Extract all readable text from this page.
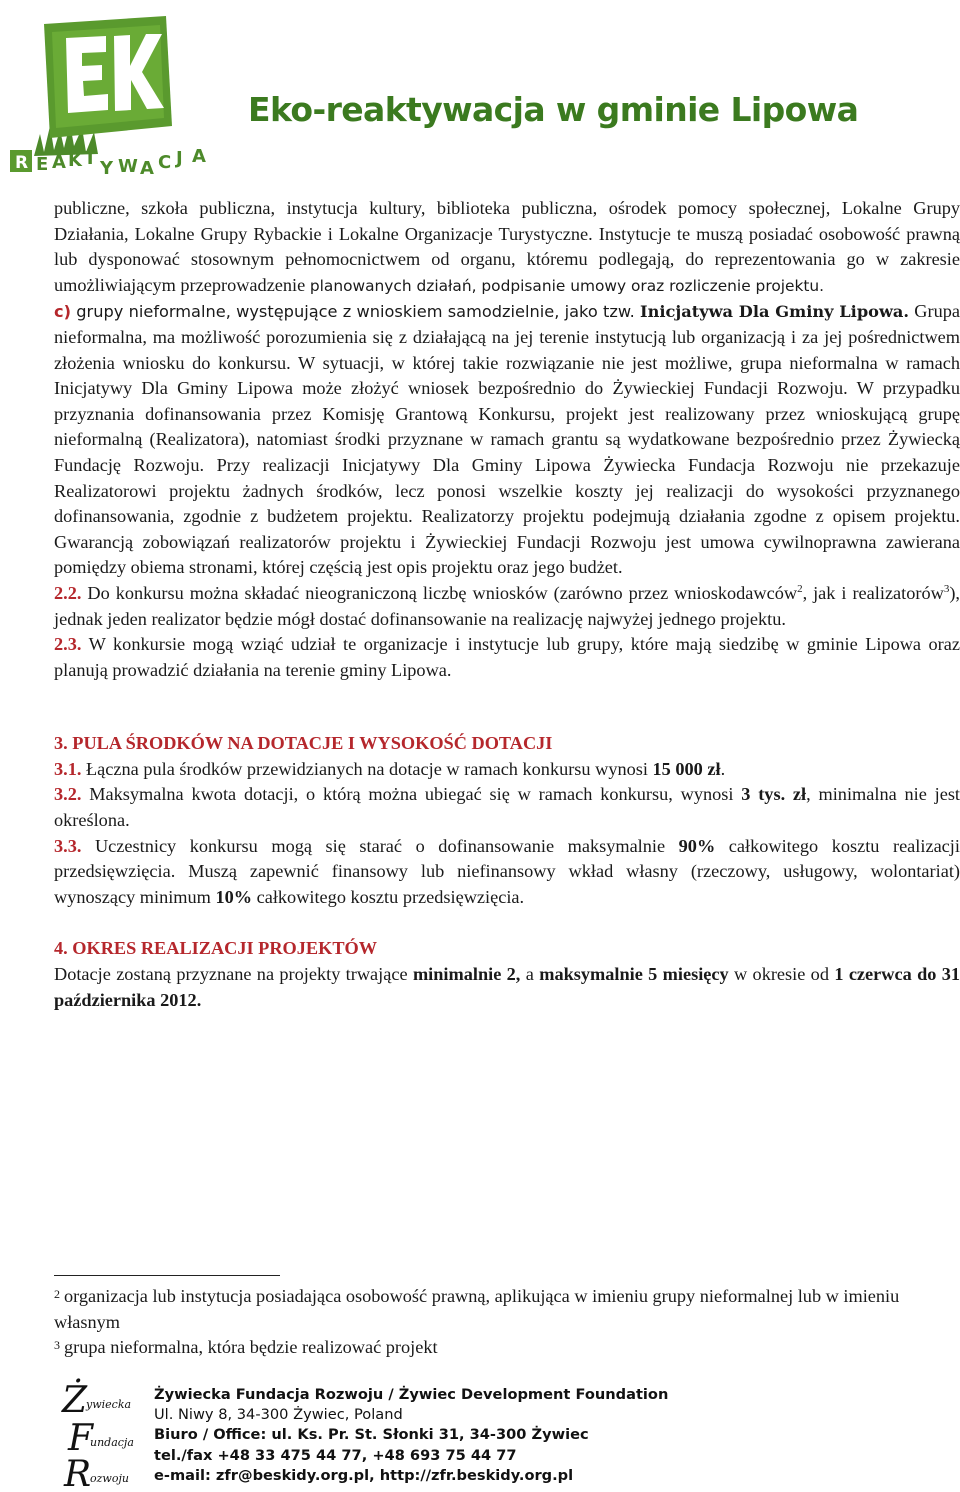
R E A K T Y W A C J A
Eko-reaktywacja w gminie Lipowa

publiczne, szkoła publiczna, instytucja kultury, biblioteka publiczna, ośrodek pomocy społecznej, Lokalne Grupy Działania, Lokalne Grupy Rybackie i Lokalne Organizacje Turystyczne. Instytucje te muszą posiadać osobowość prawną lub dysponować stosownym pełnomocnictwem od organu, któremu podlegają, do reprezentowania go w zakresie umożliwiającym przeprowadzenie planowanych działań, podpisanie umowy oraz rozliczenie projektu.

c) grupy nieformalne, występujące z wnioskiem samodzielnie, jako tzw. Inicjatywa Dla Gminy Lipowa. Grupa nieformalna, ma możliwość porozumienia się z działającą na jej terenie instytucją lub organizacją i za jej pośrednictwem złożenia wniosku do konkursu. W sytuacji, w której takie rozwiązanie nie jest możliwe, grupa nieformalna w ramach Inicjatywy Dla Gminy Lipowa może złożyć wniosek bezpośrednio do Żywieckiej Fundacji Rozwoju. W przypadku przyznania dofinansowania przez Komisję Grantową Konkursu, projekt jest realizowany przez wnioskującą grupę nieformalną (Realizatora), natomiast środki przyznane w ramach grantu są wydatkowane bezpośrednio przez Żywiecką Fundację Rozwoju. Przy realizacji Inicjatywy Dla Gminy Lipowa Żywiecka Fundacja Rozwoju nie przekazuje Realizatorowi projektu żadnych środków, lecz ponosi wszelkie koszty jej realizacji do wysokości przyznanego dofinansowania, zgodnie z budżetem projektu. Realizatorzy projektu podejmują działania zgodne z opisem projektu. Gwarancją zobowiązań realizatorów projektu i Żywieckiej Fundacji Rozwoju jest umowa cywilnoprawna zawierana pomiędzy obiema stronami, której częścią jest opis projektu oraz jego budżet.

2.2. Do konkursu można składać nieograniczoną liczbę wniosków (zarówno przez wnioskodawców$^2$, jak i realizatorów$^3$), jednak jeden realizator będzie mógł dostać dofinansowanie na realizację najwyżej jednego projektu.

2.3. W konkursie mogą wziąć udział te organizacje i instytucje lub grupy, które mają siedzibę w gminie Lipowa oraz planują prowadzić działania na terenie gminy Lipowa.

3. PULA ŚRODKÓW NA DOTACJE I WYSOKOŚĆ DOTACJI

3.1. Łączna pula środków przewidzianych na dotacje w ramach konkursu wynosi 15 000 zł.

3.2. Maksymalna kwota dotacji, o którą można ubiegać się w ramach konkursu, wynosi 3 tys. zł, minimalna nie jest określona.

3.3. Uczestnicy konkursu mogą się starać o dofinansowanie maksymalnie 90% całkowitego kosztu realizacji przedsięwzięcia. Muszą zapewnić finansowy lub niefinansowy wkład własny (rzeczowy, usługowy, wolontariat) wynoszący minimum 10% całkowitego kosztu przedsięwzięcia.

4. OKRES REALIZACJI PROJEKTÓW

Dotacje zostaną przyznane na projekty trwające minimalnie 2, a maksymalnie 5 miesięcy w okresie od 1 czerwca do 31 października 2012.

$^2$ organizacja lub instytucja posiadająca osobowość prawną, aplikująca w imieniu grupy nieformalnej lub w imieniu własnym

$^3$ grupa nieformalna, która będzie realizować projekt

Ż
ywiecka
F
undacja
R
ozwoju
Żywiecka Fundacja Rozwoju / Żywiec Development Foundation
Ul. Niwy 8, 34-300 Żywiec, Poland
Biuro / Office: ul. Ks. Pr. St. Słonki 31, 34-300 Żywiec
tel./fax +48 33 475 44 77, +48 693 75 44 77
e-mail: zfr@beskidy.org.pl, http://zfr.beskidy.org.pl
